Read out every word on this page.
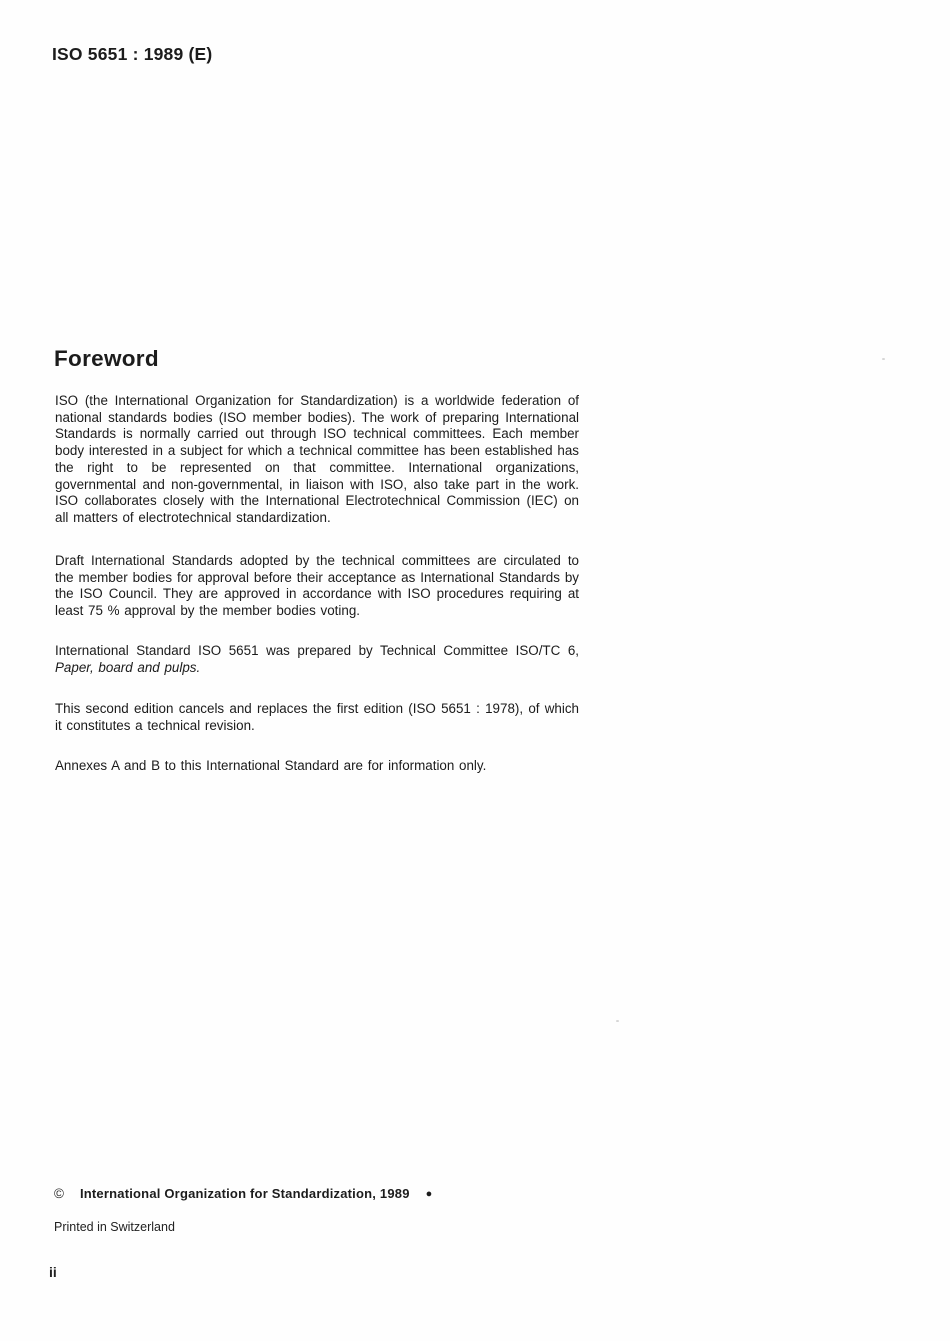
ISO 5651 : 1989 (E)
Foreword

ISO (the International Organization for Standardization) is a worldwide federation of national standards bodies (ISO member bodies). The work of preparing International Standards is normally carried out through ISO technical committees. Each member body interested in a subject for which a technical committee has been established has the right to be represented on that committee. International organizations, governmental and non-governmental, in liaison with ISO, also take part in the work. ISO collaborates closely with the International Electrotechnical Commission (IEC) on all matters of electrotechnical standardization.

Draft International Standards adopted by the technical committees are circulated to the member bodies for approval before their acceptance as International Standards by the ISO Council. They are approved in accordance with ISO procedures requiring at least 75 % approval by the member bodies voting.

International Standard ISO 5651 was prepared by Technical Committee ISO/TC 6, Paper, board and pulps.

This second edition cancels and replaces the first edition (ISO 5651 : 1978), of which it constitutes a technical revision.

Annexes A and B to this International Standard are for information only.

© International Organization for Standardization, 1989 ●
Printed in Switzerland
ii
